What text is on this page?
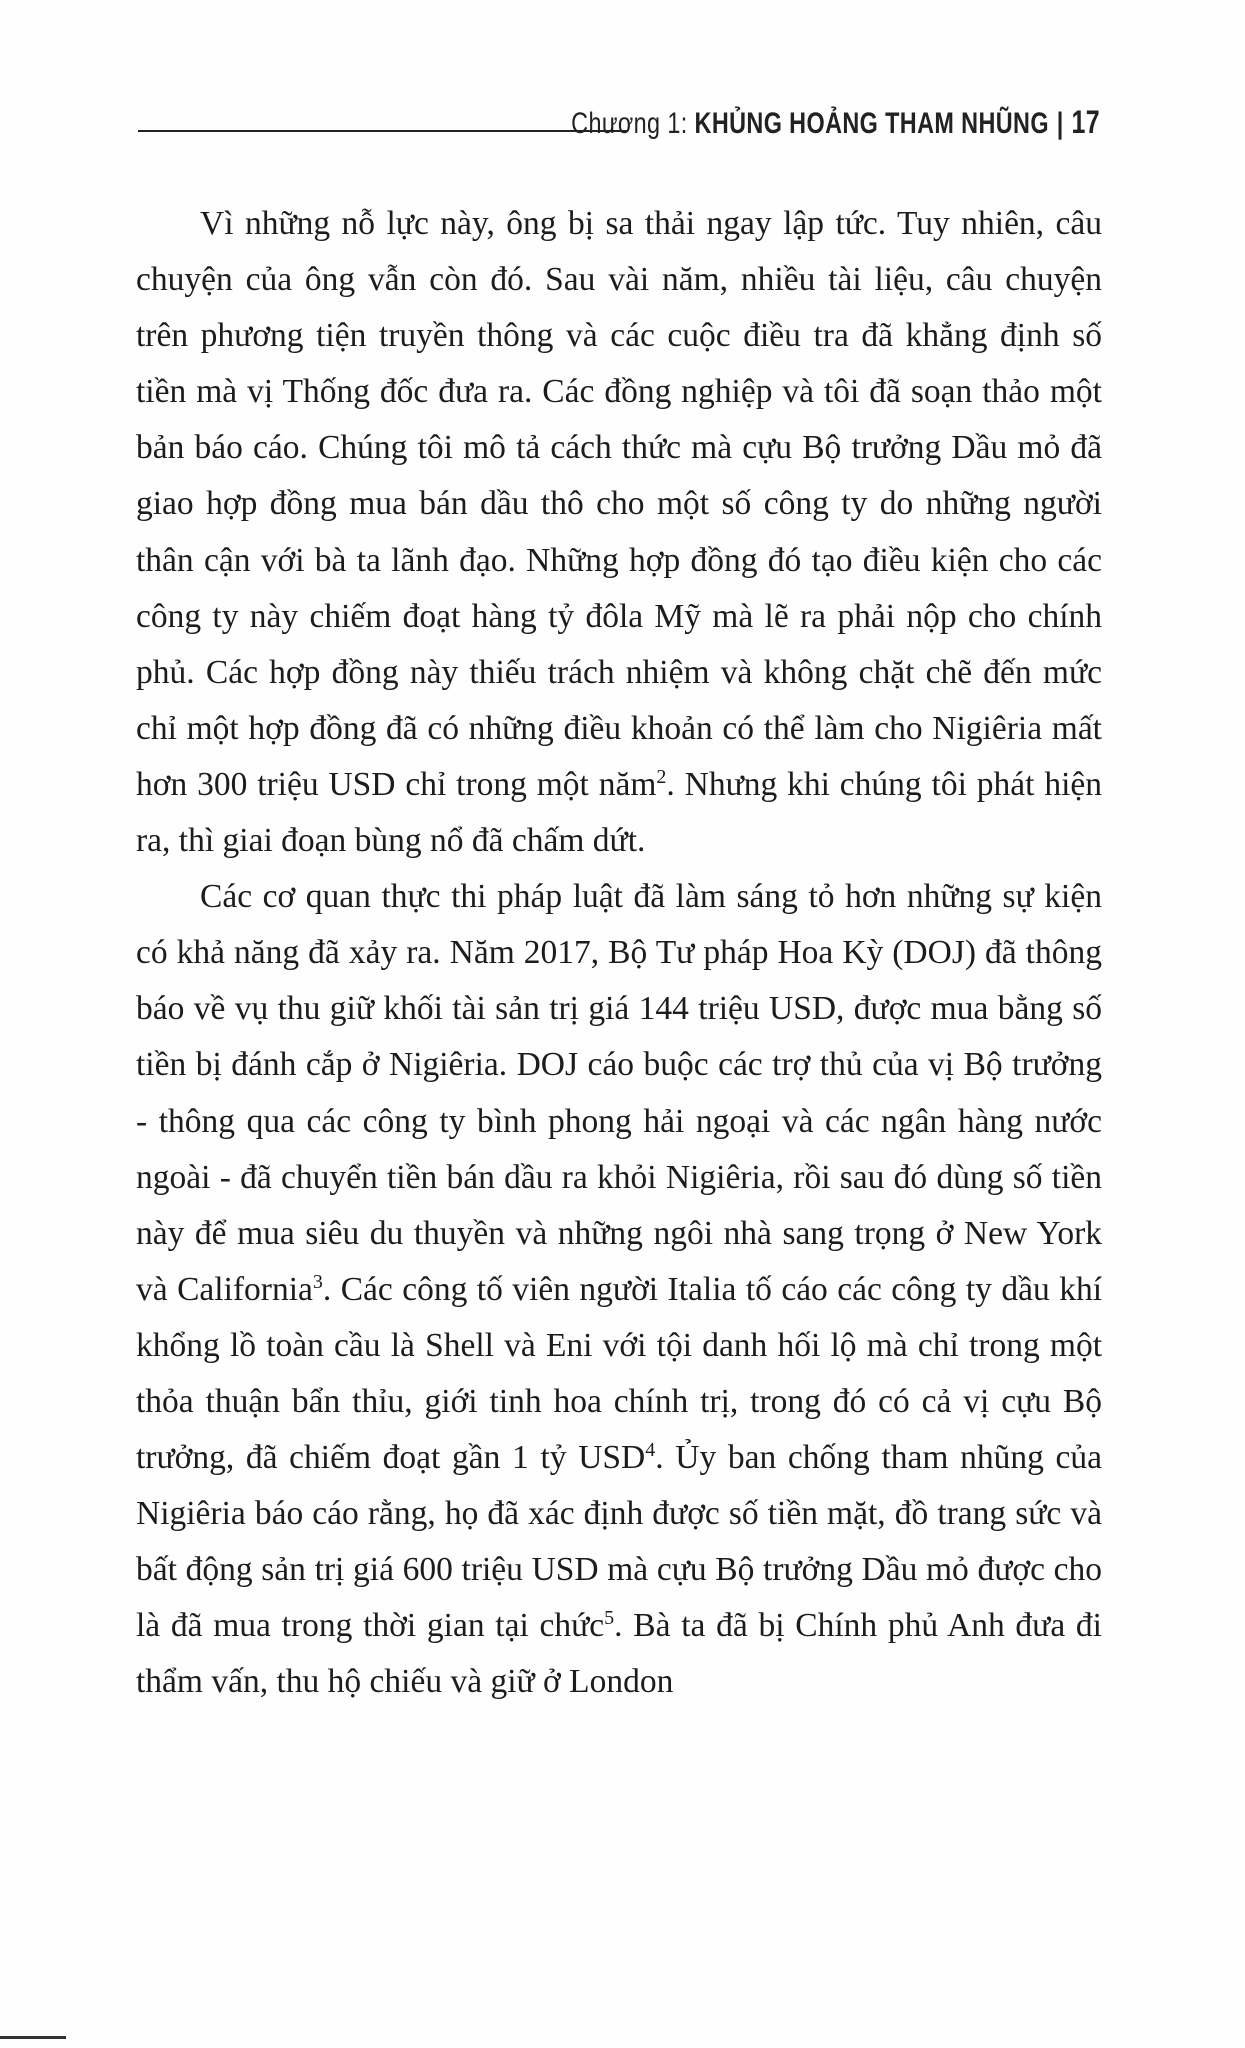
Chương 1: KHỦNG HOẢNG THAM NHŨNG | 17

Vì những nỗ lực này, ông bị sa thải ngay lập tức. Tuy nhiên, câu chuyện của ông vẫn còn đó. Sau vài năm, nhiều tài liệu, câu chuyện trên phương tiện truyền thông và các cuộc điều tra đã khẳng định số tiền mà vị Thống đốc đưa ra. Các đồng nghiệp và tôi đã soạn thảo một bản báo cáo. Chúng tôi mô tả cách thức mà cựu Bộ trưởng Dầu mỏ đã giao hợp đồng mua bán dầu thô cho một số công ty do những người thân cận với bà ta lãnh đạo. Những hợp đồng đó tạo điều kiện cho các công ty này chiếm đoạt hàng tỷ đôla Mỹ mà lẽ ra phải nộp cho chính phủ. Các hợp đồng này thiếu trách nhiệm và không chặt chẽ đến mức chỉ một hợp đồng đã có những điều khoản có thể làm cho Nigiêria mất hơn 300 triệu USD chỉ trong một năm$^2$. Nhưng khi chúng tôi phát hiện ra, thì giai đoạn bùng nổ đã chấm dứt.

Các cơ quan thực thi pháp luật đã làm sáng tỏ hơn những sự kiện có khả năng đã xảy ra. Năm 2017, Bộ Tư pháp Hoa Kỳ (DOJ) đã thông báo về vụ thu giữ khối tài sản trị giá 144 triệu USD, được mua bằng số tiền bị đánh cắp ở Nigiêria. DOJ cáo buộc các trợ thủ của vị Bộ trưởng - thông qua các công ty bình phong hải ngoại và các ngân hàng nước ngoài - đã chuyển tiền bán dầu ra khỏi Nigiêria, rồi sau đó dùng số tiền này để mua siêu du thuyền và những ngôi nhà sang trọng ở New York và California$^3$. Các công tố viên người Italia tố cáo các công ty dầu khí khổng lồ toàn cầu là Shell và Eni với tội danh hối lộ mà chỉ trong một thỏa thuận bẩn thỉu, giới tinh hoa chính trị, trong đó có cả vị cựu Bộ trưởng, đã chiếm đoạt gần 1 tỷ USD$^4$. Ủy ban chống tham nhũng của Nigiêria báo cáo rằng, họ đã xác định được số tiền mặt, đồ trang sức và bất động sản trị giá 600 triệu USD mà cựu Bộ trưởng Dầu mỏ được cho là đã mua trong thời gian tại chức$^5$. Bà ta đã bị Chính phủ Anh đưa đi thẩm vấn, thu hộ chiếu và giữ ở London
